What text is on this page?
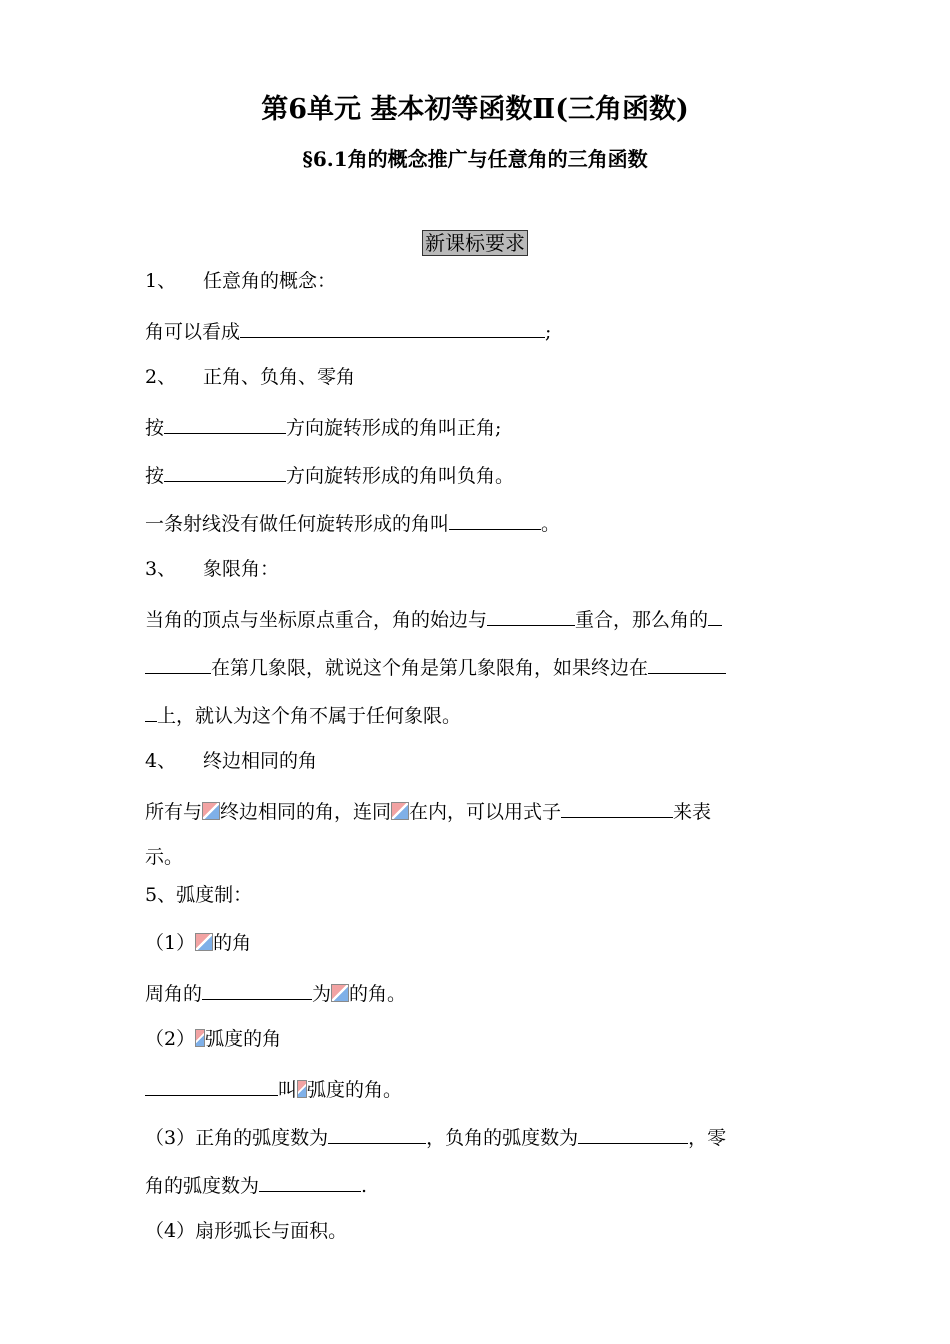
第6单元 基本初等函数Ⅱ(三角函数)
§6.1角的概念推广与任意角的三角函数
新课标要求
1、 任意角的概念：
角可以看成	;
2、 正角、负角、零角
按	方向旋转形成的角叫正角;
按	方向旋转形成的角叫负角。
一条射线没有做任何旋转形成的角叫	。
3、 象限角：
当角的顶点与坐标原点重合，角的始边与	重合，那么角的
在第几象限，就说这个角是第几象限角，如果终边在
上，就认为这个角不属于任何象限。
4、 终边相同的角
所有与 终边相同的角，连同 在内，可以用式子	来表
示。
5、弧度制：
（1） 的角
周角的	为 的角。
（2） 弧度的角
叫 弧度的角。
（3）正角的弧度数为	，负角的弧度数为	，零
角的弧度数为	.
（4）扇形弧长与面积。
